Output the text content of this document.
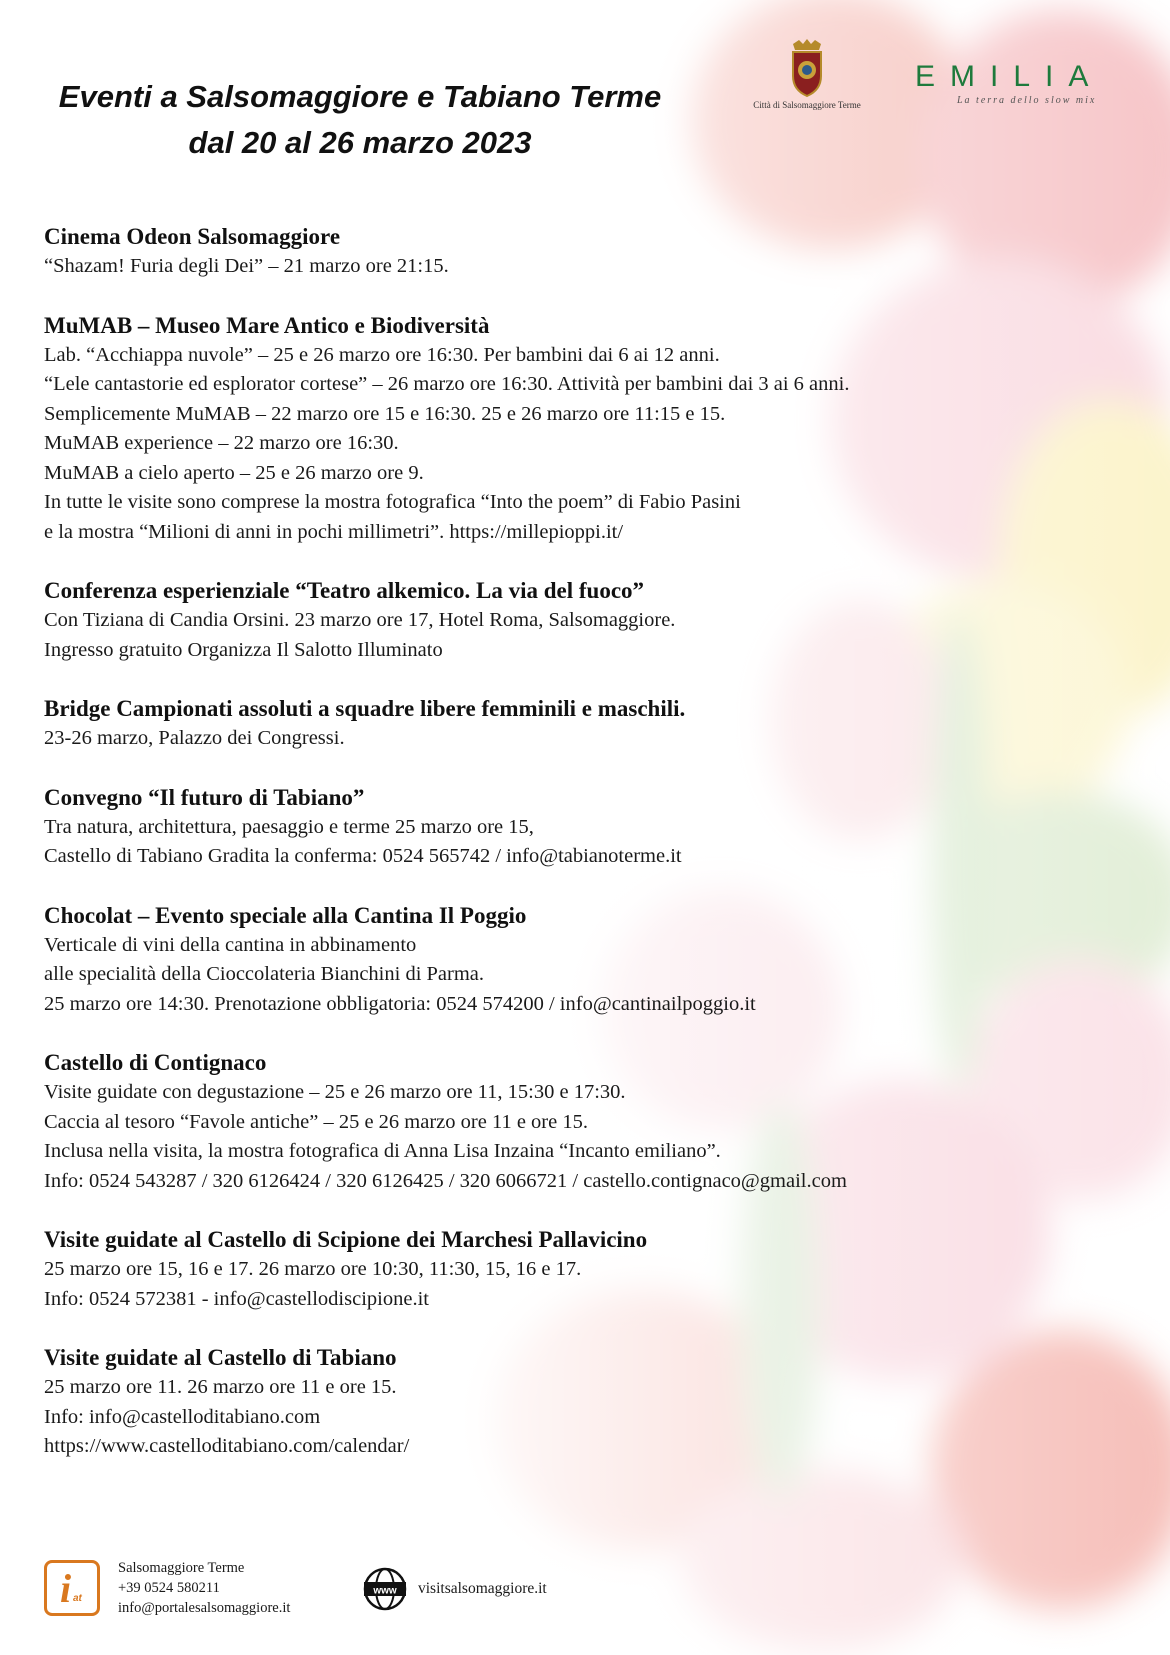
Eventi a Salsomaggiore e Tabiano Terme
dal 20 al 26 marzo 2023
Città di Salsomaggiore Terme
EMILIA
La terra dello slow mix
Cinema Odeon Salsomaggiore

“Shazam! Furia degli Dei” – 21 marzo ore 21:15.

MuMAB – Museo Mare Antico e Biodiversità

Lab. “Acchiappa nuvole” – 25 e 26 marzo ore 16:30. Per bambini dai 6 ai 12 anni.

“Lele cantastorie ed esplorator cortese” – 26 marzo ore 16:30. Attività per bambini dai 3 ai 6 anni.

Semplicemente MuMAB – 22 marzo ore 15 e 16:30. 25 e 26 marzo ore 11:15 e 15.

MuMAB experience – 22 marzo ore 16:30.

MuMAB a cielo aperto – 25 e 26 marzo ore 9.

In tutte le visite sono comprese la mostra fotografica “Into the poem” di Fabio Pasini

e la mostra “Milioni di anni in pochi millimetri”. https://millepioppi.it/

Conferenza esperienziale “Teatro alkemico. La via del fuoco”

Con Tiziana di Candia Orsini. 23 marzo ore 17, Hotel Roma, Salsomaggiore.

Ingresso gratuito Organizza Il Salotto Illuminato

Bridge Campionati assoluti a squadre libere femminili e maschili.

23-26 marzo, Palazzo dei Congressi.

Convegno “Il futuro di Tabiano”

Tra natura, architettura, paesaggio e terme 25 marzo ore 15,

Castello di Tabiano Gradita la conferma: 0524 565742 / info@tabianoterme.it

Chocolat – Evento speciale alla Cantina Il Poggio

Verticale di vini della cantina in abbinamento

alle specialità della Cioccolateria Bianchini di Parma.

25 marzo ore 14:30. Prenotazione obbligatoria: 0524 574200 / info@cantinailpoggio.it

Castello di Contignaco

Visite guidate con degustazione – 25 e 26 marzo ore 11, 15:30 e 17:30.

Caccia al tesoro “Favole antiche” – 25 e 26 marzo ore 11 e ore 15.

Inclusa nella visita, la mostra fotografica di Anna Lisa Inzaina “Incanto emiliano”.

Info: 0524 543287 / 320 6126424 / 320 6126425 / 320 6066721 / castello.contignaco@gmail.com

Visite guidate al Castello di Scipione dei Marchesi Pallavicino

25 marzo ore 15, 16 e 17. 26 marzo ore 10:30, 11:30, 15, 16 e 17.

Info: 0524 572381 - info@castellodiscipione.it

Visite guidate al Castello di Tabiano

25 marzo ore 11. 26 marzo ore 11 e ore 15.

Info: info@castelloditabiano.com

https://www.castelloditabiano.com/calendar/

i at
Salsomaggiore Terme
+39 0524 580211
info@portalesalsomaggiore.it
www visitsalsomaggiore.it
